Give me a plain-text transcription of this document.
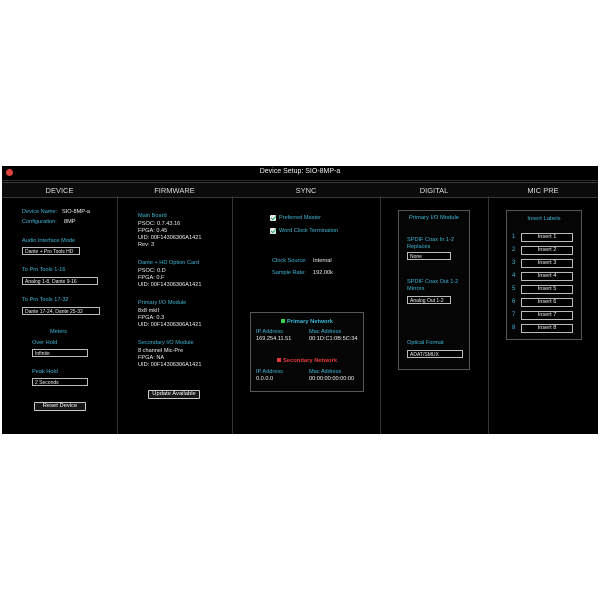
Device Setup: SIO-8MP-a
DEVICE	FIRMWARE	SYNC	DIGITAL	MIC PRE
Device Name: SIO-8MP-a
Configuration: 8MP
Audio Interface Mode
Dante + Pro Tools HD
To Pro Tools 1-16
Analog 1-8, Dante 9-16
To Pro Tools 17-32
Dante 17-24, Dante 25-32
Meters
Over Hold
Infinite
Peak Hold
2 Seconds
Reset Device
Main Board
PSOC: 0.7.43.16
FPGA: 0.45
UID: 00F14306306A1421
Rev: 3
Dante + HD Option Card
PSOC: 0.D
FPGA: 0.F
UID: 00F14306306A1421
Primary I/O Module
8x8 mkII
FPGA: 0.3
UID: 00F14306306A1421
Secondary I/O Module
8 channel Mic-Pre
FPGA: NA
UID: 00F14306306A1421
Update Available
Preferred Master
Word Clock Termination
Clock Source: Internal
Sample Rate: 192.00k
Primary Network
IP Address
169.254.11.51
Mac Address
00:1D:C1:0B:5C:34
Secondary Network
IP Address
0.0.0.0
Mac Address
00:00:00:00:00:00
Primary I/O Module
SPDIF Coax In 1-2 Replaces
None
SPDIF Coax Out 1-2 Mirrors
Analog Out 1-2
Optical Format
ADAT/SMUX
Insert Labels
1	Insert 1
2	Insert 2
3	Insert 3
4	Insert 4
5	Insert 5
6	Insert 6
7	Insert 7
8	Insert 8
